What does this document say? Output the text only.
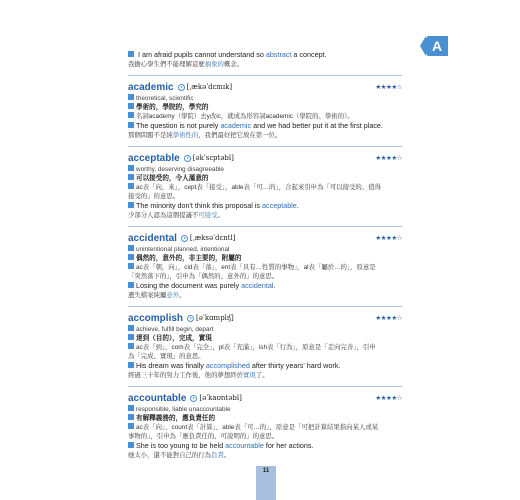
A
I am afraid pupils cannot understand so abstract a concept.
我擔心學生們不能理解這麼抽象的概念。
academic [ˌækəˈdɛmɪk]	★★★★☆
theoretical, scientific
學術的，學院的，學究的
名詞academy（學院）去y改ic，就成為形容詞academic（學院的、學術的）。
The question is not purely academic and we had better put it at the first place.
那個問題不是純學術性的，我們最好把它放在第一位。
acceptable [əkˈsɛptəbl]	★★★★☆
worthy, deserving disagreeable
可以接受的，令人滿意的
ac表「向，來」，cept表「接受」，able表「可…的」，合起來引申為「可以接受的、值得
接受的」的意思。
The minority don't think this proposal is acceptable.
少部分人認為這個提議不可接受。
accidental [ˌæksəˈdɛntl]	★★★★☆
unintentional planned, intentional
偶然的，意外的，非主要的，附屬的
ac表「朝，向」，cid表「落」，ent表「具有…性質的事物」，al表「屬於…的」，原意是
「突然落下的」，引申為「偶然的、意外的」的意思。
Losing the document was purely accidental.
遺失檔案純屬意外。
accomplish [əˈkɑmplɪʃ]	★★★★☆
achieve, fulfill begin, depart
達到（目的），完成，實現
ac表「到」，com表「完全」，pl表「充滿」，ish表「行為」，原意是「走向完善」，引申
為「完成、實現」的意思。
His dream was finally accomplished after thirty years' hard work.
經過三十年的努力工作後，他的夢想終於實現了。
accountable [əˈkaʊntəbl]	★★★★☆
responsible, liable unaccountable
有解釋義務的，應負責任的
ac表「向」，count表「計算」，able表「可…的」，原意是「可把計算結果指向某人或某
事物的」，引申為「應負責任的、可說明的」的意思。
She is too young to be held accountable for her actions.
她太小，還不能對自己的行為負責。
11
